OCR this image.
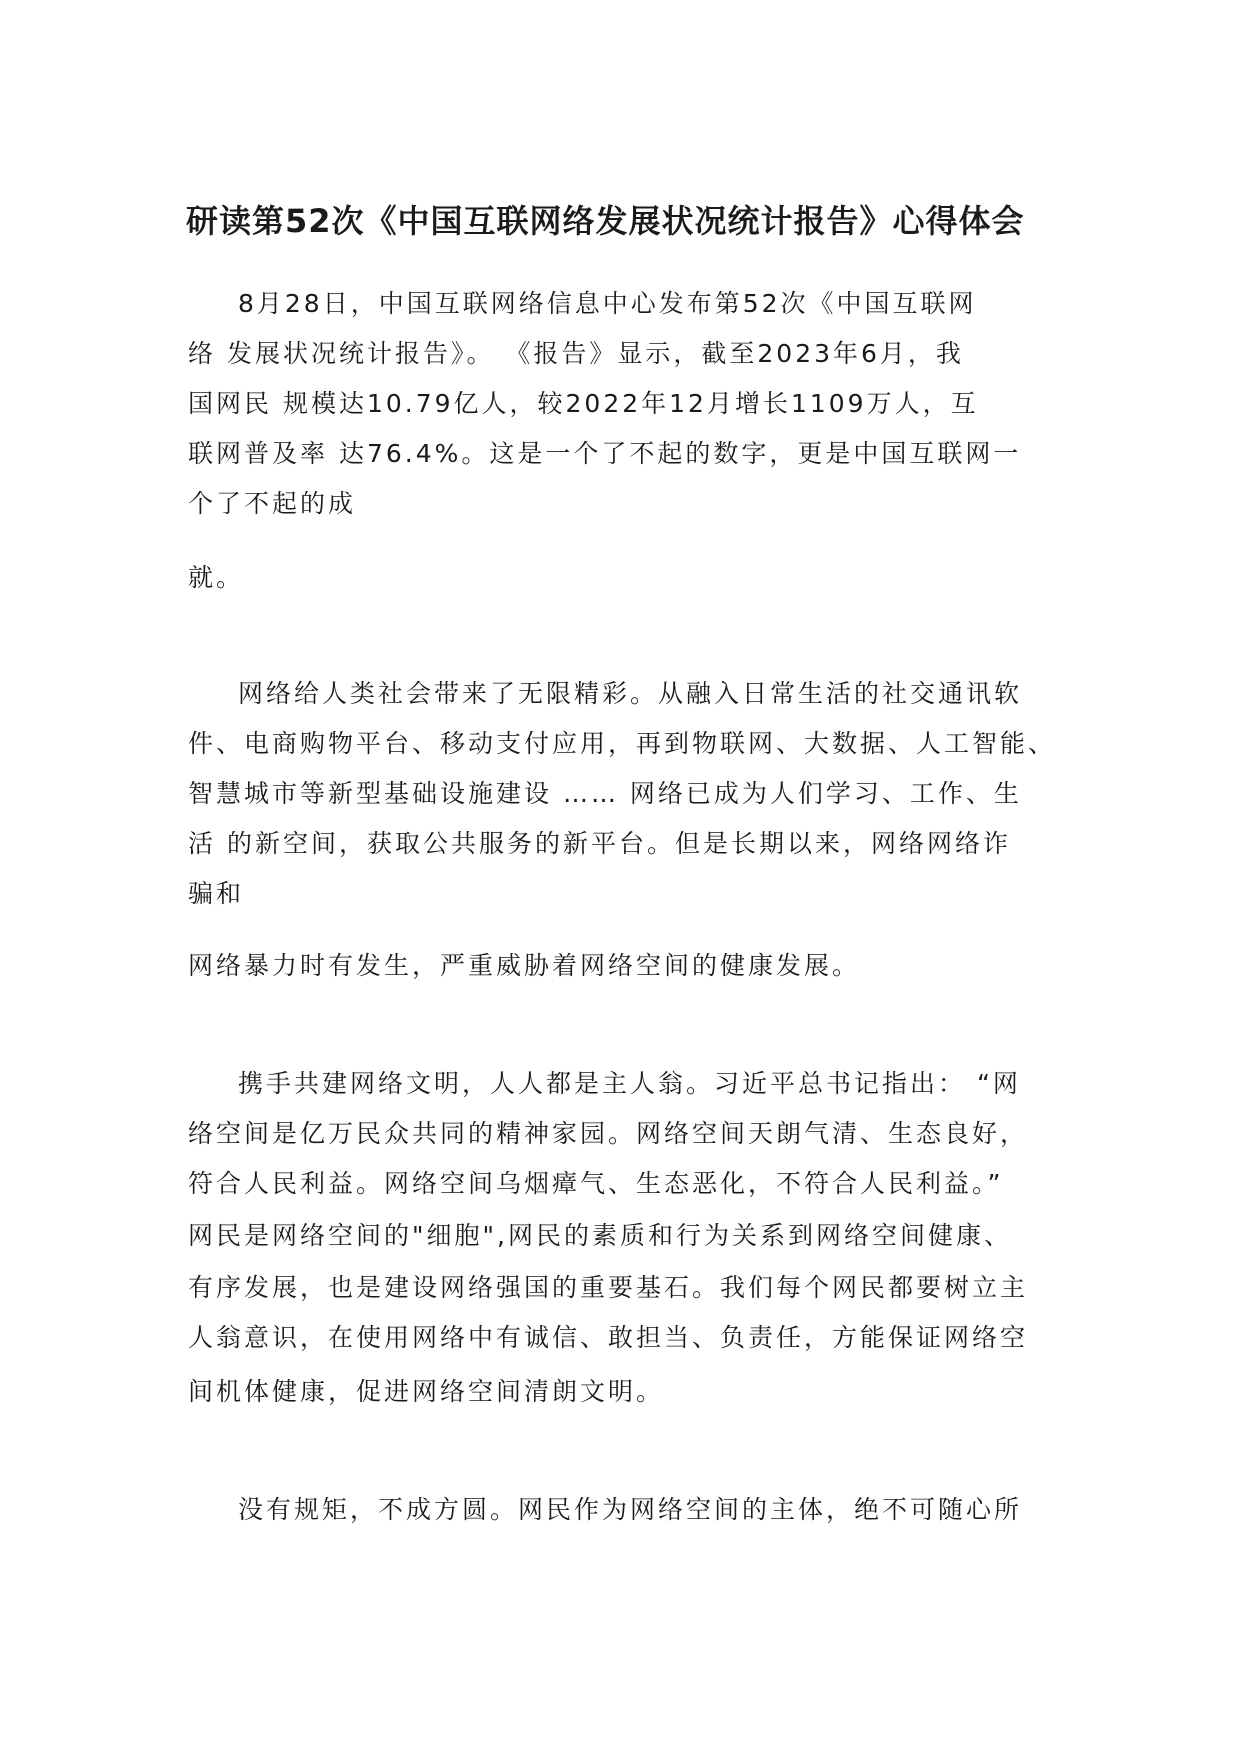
研读第52次《中国互联网络发展状况统计报告》心得体会

8月28日，中国互联网络信息中心发布第52次《中国互联网

络 发展状况统计报告》。 《报告》显示，截至2023年6月，我

国网民 规模达10.79亿人，较2022年12月增长1109万人，互

联网普及率 达76.4%。这是一个了不起的数字，更是中国互联网一

个了不起的成

就。

网络给人类社会带来了无限精彩。从融入日常生活的社交通讯软

件、电商购物平台、移动支付应用，再到物联网、大数据、人工智能、

智慧城市等新型基础设施建设 …… 网络已成为人们学习、工作、生

活 的新空间，获取公共服务的新平台。但是长期以来，网络网络诈

骗和

网络暴力时有发生，严重威胁着网络空间的健康发展。

携手共建网络文明，人人都是主人翁。习近平总书记指出： “网

络空间是亿万民众共同的精神家园。网络空间天朗气清、生态良好，

符合人民利益。网络空间乌烟瘴气、生态恶化，不符合人民利益。”

网民是网络空间的"细胞",网民的素质和行为关系到网络空间健康、

有序发展，也是建设网络强国的重要基石。我们每个网民都要树立主

人翁意识，在使用网络中有诚信、敢担当、负责任，方能保证网络空

间机体健康，促进网络空间清朗文明。

没有规矩，不成方圆。网民作为网络空间的主体，绝不可随心所
